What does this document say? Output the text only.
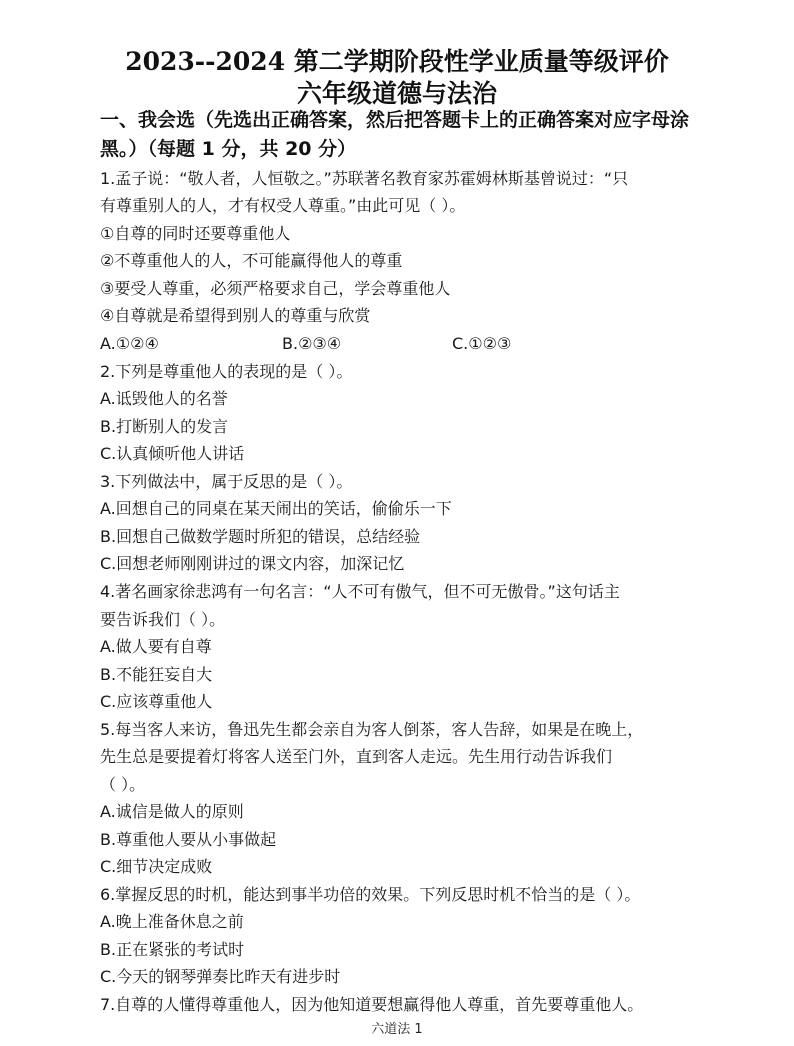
2023--2024 第二学期阶段性学业质量等级评价
六年级道德与法治
一、我会选（先选出正确答案，然后把答题卡上的正确答案对应字母涂黑。）（每题 1 分，共 20 分）
1.孟子说：“敬人者，人恒敬之。”苏联著名教育家苏霍姆林斯基曾说过：“只
有尊重别人的人，才有权受人尊重。”由此可见（ ）。
①自尊的同时还要尊重他人
②不尊重他人的人，不可能赢得他人的尊重
③要受人尊重，必须严格要求自己，学会尊重他人
④自尊就是希望得到别人的尊重与欣赏
A.①②④	B.②③④	C.①②③
2.下列是尊重他人的表现的是（ ）。
A.诋毁他人的名誉
B.打断别人的发言
C.认真倾听他人讲话
3.下列做法中，属于反思的是（ ）。
A.回想自己的同桌在某天闹出的笑话，偷偷乐一下
B.回想自己做数学题时所犯的错误，总结经验
C.回想老师刚刚讲过的课文内容，加深记忆
4.著名画家徐悲鸿有一句名言：“人不可有傲气，但不可无傲骨。”这句话主
要告诉我们（ ）。
A.做人要有自尊
B.不能狂妄自大
C.应该尊重他人
5.每当客人来访，鲁迅先生都会亲自为客人倒茶，客人告辞，如果是在晚上，
先生总是要提着灯将客人送至门外，直到客人走远。先生用行动告诉我们
（ ）。
A.诚信是做人的原则
B.尊重他人要从小事做起
C.细节决定成败
6.掌握反思的时机，能达到事半功倍的效果。下列反思时机不恰当的是（ ）。
A.晚上准备休息之前
B.正在紧张的考试时
C.今天的钢琴弹奏比昨天有进步时
7.自尊的人懂得尊重他人，因为他知道要想赢得他人尊重，首先要尊重他人。
六道法 1
